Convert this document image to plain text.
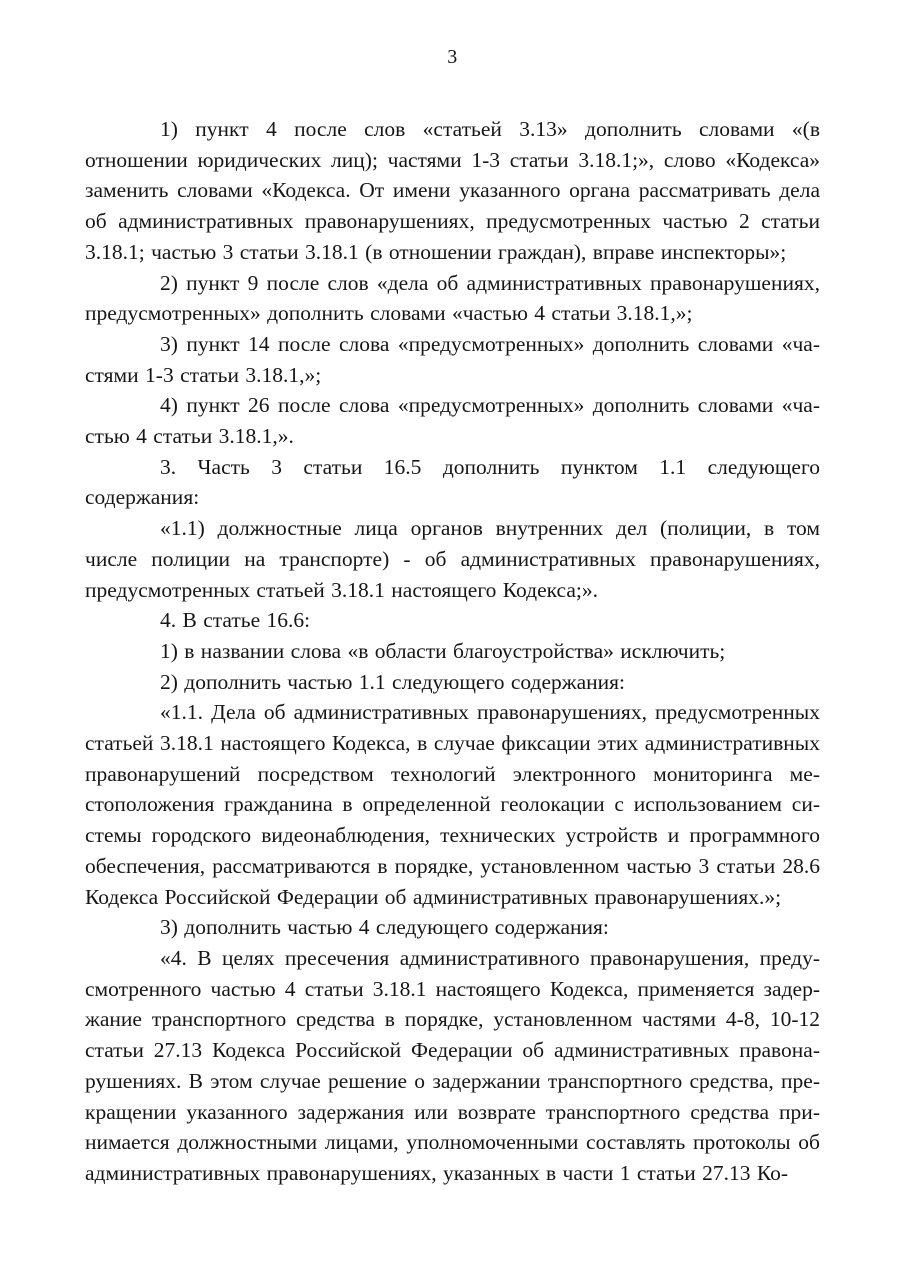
3

1) пункт 4 после слов «статьей 3.13» дополнить словами «(в отношении юридических лиц); частями 1-3 статьи 3.18.1;», слово «Кодекса» заменить словами «Кодекса. От имени указанного органа рассматривать дела об административных правонарушениях, предусмотренных частью 2 статьи 3.18.1; частью 3 статьи 3.18.1 (в отношении граждан), вправе инспекторы»;

2) пункт 9 после слов «дела об административных правонарушениях, предусмотренных» дополнить словами «частью 4 статьи 3.18.1,»;

3) пункт 14 после слова «предусмотренных» дополнить словами «частями 1-3 статьи 3.18.1,»;

4) пункт 26 после слова «предусмотренных» дополнить словами «частью 4 статьи 3.18.1,».

3. Часть 3 статьи 16.5 дополнить пунктом 1.1 следующего содержания:

«1.1) должностные лица органов внутренних дел (полиции, в том числе полиции на транспорте) - об административных правонарушениях, предусмотренных статьей 3.18.1 настоящего Кодекса;».

4. В статье 16.6:

1) в названии слова «в области благоустройства» исключить;

2) дополнить частью 1.1 следующего содержания:

«1.1. Дела об административных правонарушениях, предусмотренных статьей 3.18.1 настоящего Кодекса, в случае фиксации этих административных правонарушений посредством технологий электронного мониторинга местоположения гражданина в определенной геолокации с использованием системы городского видеонаблюдения, технических устройств и программного обеспечения, рассматриваются в порядке, установленном частью 3 статьи 28.6 Кодекса Российской Федерации об административных правонарушениях.»;

3) дополнить частью 4 следующего содержания:

«4. В целях пресечения административного правонарушения, предусмотренного частью 4 статьи 3.18.1 настоящего Кодекса, применяется задержание транспортного средства в порядке, установленном частями 4-8, 10-12 статьи 27.13 Кодекса Российской Федерации об административных правонарушениях. В этом случае решение о задержании транспортного средства, прекращении указанного задержания или возврате транспортного средства принимается должностными лицами, уполномоченными составлять протоколы об административных правонарушениях, указанных в части 1 статьи 27.13 Ко-
